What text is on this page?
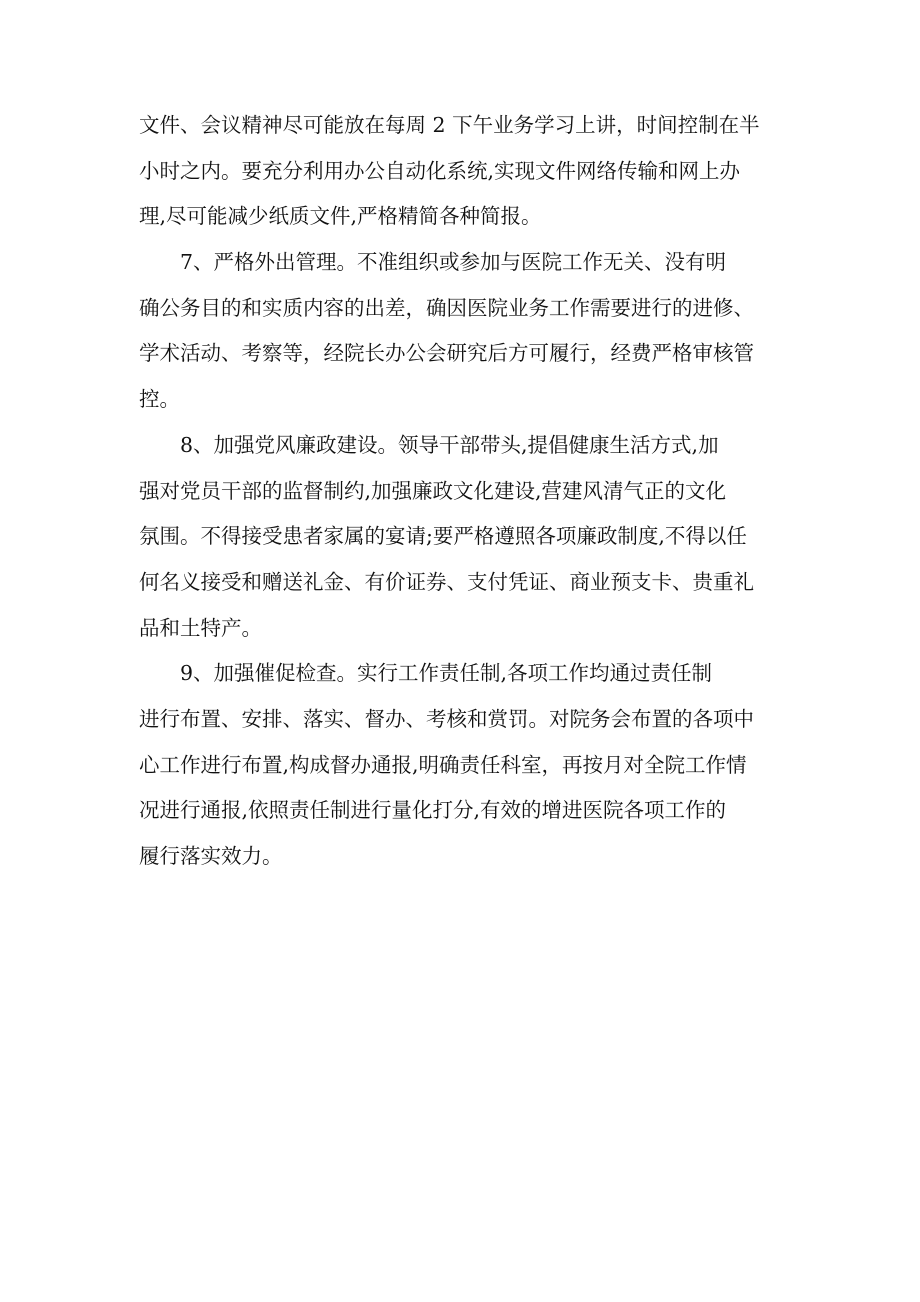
文件、会议精神尽可能放在每周 2 下午业务学习上讲，时间控制在半
小时之内。要充分利用办公自动化系统,实现文件网络传输和网上办
理,尽可能减少纸质文件,严格精简各种简报。
　　7、严格外出管理。不准组织或参加与医院工作无关、没有明
确公务目的和实质内容的出差，确因医院业务工作需要进行的进修、
学术活动、考察等，经院长办公会研究后方可履行，经费严格审核管
控。
　　8、加强党风廉政建设。领导干部带头,提倡健康生活方式,加
强对党员干部的监督制约,加强廉政文化建设,营建风清气正的文化
氛围。不得接受患者家属的宴请;要严格遵照各项廉政制度,不得以任
何名义接受和赠送礼金、有价证券、支付凭证、商业预支卡、贵重礼
品和土特产。
　　9、加强催促检查。实行工作责任制,各项工作均通过责任制
进行布置、安排、落实、督办、考核和赏罚。对院务会布置的各项中
心工作进行布置,构成督办通报,明确责任科室，再按月对全院工作情
况进行通报,依照责任制进行量化打分,有效的增进医院各项工作的
履行落实效力。
